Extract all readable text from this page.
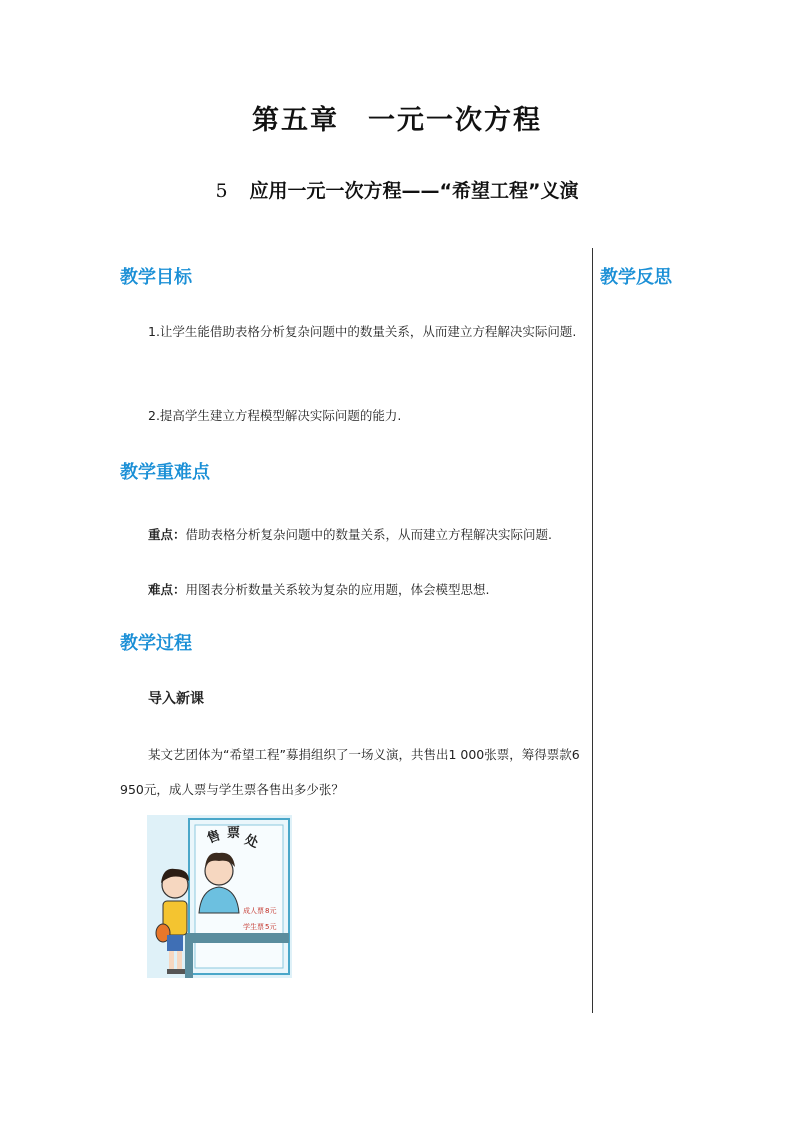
第五章　一元一次方程
5 应用一元一次方程——“希望工程”义演
教学反思
教学目标
1.让学生能借助表格分析复杂问题中的数量关系，从而建立方程解决实际问题.
2.提高学生建立方程模型解决实际问题的能力.
教学重难点
重点：借助表格分析复杂问题中的数量关系，从而建立方程解决实际问题.
难点：用图表分析数量关系较为复杂的应用题，体会模型思想.
教学过程
导入新课
某文艺团体为“希望工程”募捐组织了一场义演，共售出1 000张票，筹得票款6 950元，成人票与学生票各售出多少张？
售 票 处
成人票 8元
学生票 5元
